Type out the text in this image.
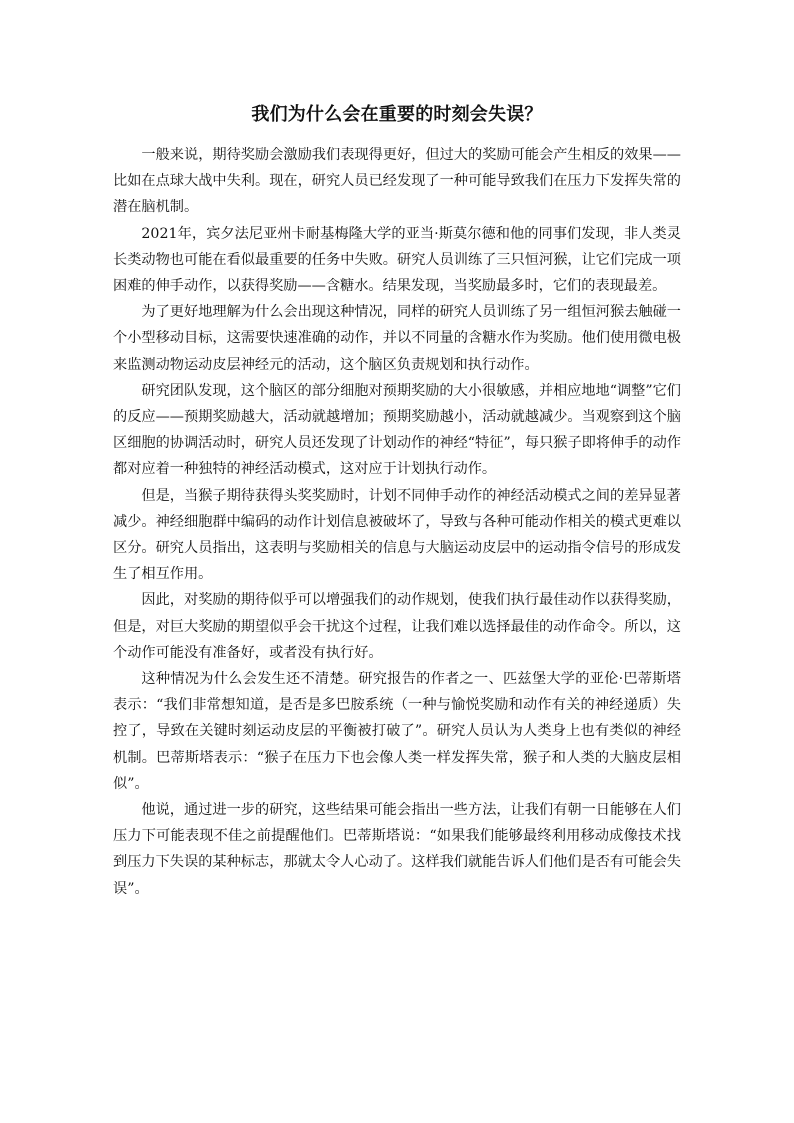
我们为什么会在重要的时刻会失误？

一般来说，期待奖励会激励我们表现得更好，但过大的奖励可能会产生相反的效果——比如在点球大战中失利。现在，研究人员已经发现了一种可能导致我们在压力下发挥失常的潜在脑机制。

2021年，宾夕法尼亚州卡耐基梅隆大学的亚当·斯莫尔德和他的同事们发现，非人类灵长类动物也可能在看似最重要的任务中失败。研究人员训练了三只恒河猴，让它们完成一项困难的伸手动作，以获得奖励——含糖水。结果发现，当奖励最多时，它们的表现最差。

为了更好地理解为什么会出现这种情况，同样的研究人员训练了另一组恒河猴去触碰一个小型移动目标，这需要快速准确的动作，并以不同量的含糖水作为奖励。他们使用微电极来监测动物运动皮层神经元的活动，这个脑区负责规划和执行动作。

研究团队发现，这个脑区的部分细胞对预期奖励的大小很敏感，并相应地地“调整”它们的反应——预期奖励越大，活动就越增加；预期奖励越小，活动就越减少。当观察到这个脑区细胞的协调活动时，研究人员还发现了计划动作的神经“特征”，每只猴子即将伸手的动作都对应着一种独特的神经活动模式，这对应于计划执行动作。

但是，当猴子期待获得头奖奖励时，计划不同伸手动作的神经活动模式之间的差异显著减少。神经细胞群中编码的动作计划信息被破坏了，导致与各种可能动作相关的模式更难以区分。研究人员指出，这表明与奖励相关的信息与大脑运动皮层中的运动指令信号的形成发生了相互作用。

因此，对奖励的期待似乎可以增强我们的动作规划，使我们执行最佳动作以获得奖励，但是，对巨大奖励的期望似乎会干扰这个过程，让我们难以选择最佳的动作命令。所以，这个动作可能没有准备好，或者没有执行好。

这种情况为什么会发生还不清楚。研究报告的作者之一、匹兹堡大学的亚伦·巴蒂斯塔表示：“我们非常想知道，是否是多巴胺系统（一种与愉悦奖励和动作有关的神经递质）失控了，导致在关键时刻运动皮层的平衡被打破了”。研究人员认为人类身上也有类似的神经机制。巴蒂斯塔表示：“猴子在压力下也会像人类一样发挥失常，猴子和人类的大脑皮层相似”。

他说，通过进一步的研究，这些结果可能会指出一些方法，让我们有朝一日能够在人们压力下可能表现不佳之前提醒他们。巴蒂斯塔说：“如果我们能够最终利用移动成像技术找到压力下失误的某种标志，那就太令人心动了。这样我们就能告诉人们他们是否有可能会失误”。
